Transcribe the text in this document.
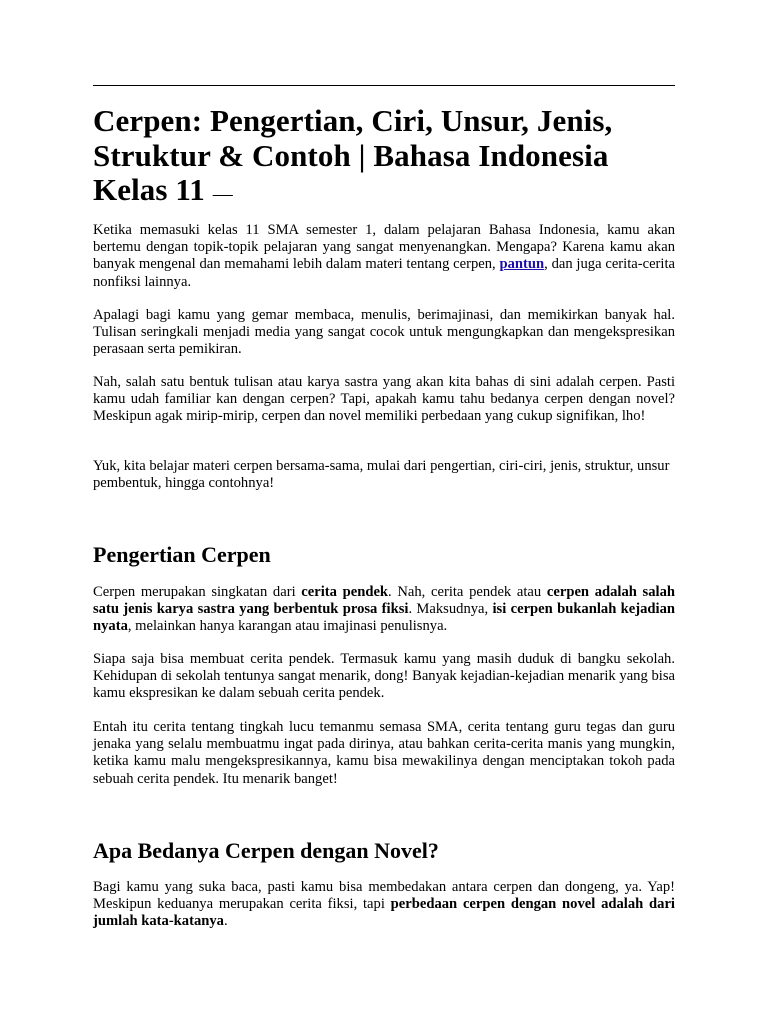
Cerpen: Pengertian, Ciri, Unsur, Jenis, Struktur & Contoh | Bahasa Indonesia Kelas 11 —

Ketika memasuki kelas 11 SMA semester 1, dalam pelajaran Bahasa Indonesia, kamu akan bertemu dengan topik-topik pelajaran yang sangat menyenangkan. Mengapa? Karena kamu akan banyak mengenal dan memahami lebih dalam materi tentang cerpen, pantun, dan juga cerita-cerita nonfiksi lainnya.

Apalagi bagi kamu yang gemar membaca, menulis, berimajinasi, dan memikirkan banyak hal. Tulisan seringkali menjadi media yang sangat cocok untuk mengungkapkan dan mengekspresikan perasaan serta pemikiran.

Nah, salah satu bentuk tulisan atau karya sastra yang akan kita bahas di sini adalah cerpen. Pasti kamu udah familiar kan dengan cerpen? Tapi, apakah kamu tahu bedanya cerpen dengan novel? Meskipun agak mirip-mirip, cerpen dan novel memiliki perbedaan yang cukup signifikan, lho!

Yuk, kita belajar materi cerpen bersama-sama, mulai dari pengertian, ciri-ciri, jenis, struktur, unsur pembentuk, hingga contohnya!

Pengertian Cerpen

Cerpen merupakan singkatan dari cerita pendek. Nah, cerita pendek atau cerpen adalah salah satu jenis karya sastra yang berbentuk prosa fiksi. Maksudnya, isi cerpen bukanlah kejadian nyata, melainkan hanya karangan atau imajinasi penulisnya.

Siapa saja bisa membuat cerita pendek. Termasuk kamu yang masih duduk di bangku sekolah. Kehidupan di sekolah tentunya sangat menarik, dong! Banyak kejadian-kejadian menarik yang bisa kamu ekspresikan ke dalam sebuah cerita pendek.

Entah itu cerita tentang tingkah lucu temanmu semasa SMA, cerita tentang guru tegas dan guru jenaka yang selalu membuatmu ingat pada dirinya, atau bahkan cerita-cerita manis yang mungkin, ketika kamu malu mengekspresikannya, kamu bisa mewakilinya dengan menciptakan tokoh pada sebuah cerita pendek. Itu menarik banget!

Apa Bedanya Cerpen dengan Novel?

Bagi kamu yang suka baca, pasti kamu bisa membedakan antara cerpen dan dongeng, ya. Yap! Meskipun keduanya merupakan cerita fiksi, tapi perbedaan cerpen dengan novel adalah dari jumlah kata-katanya.
